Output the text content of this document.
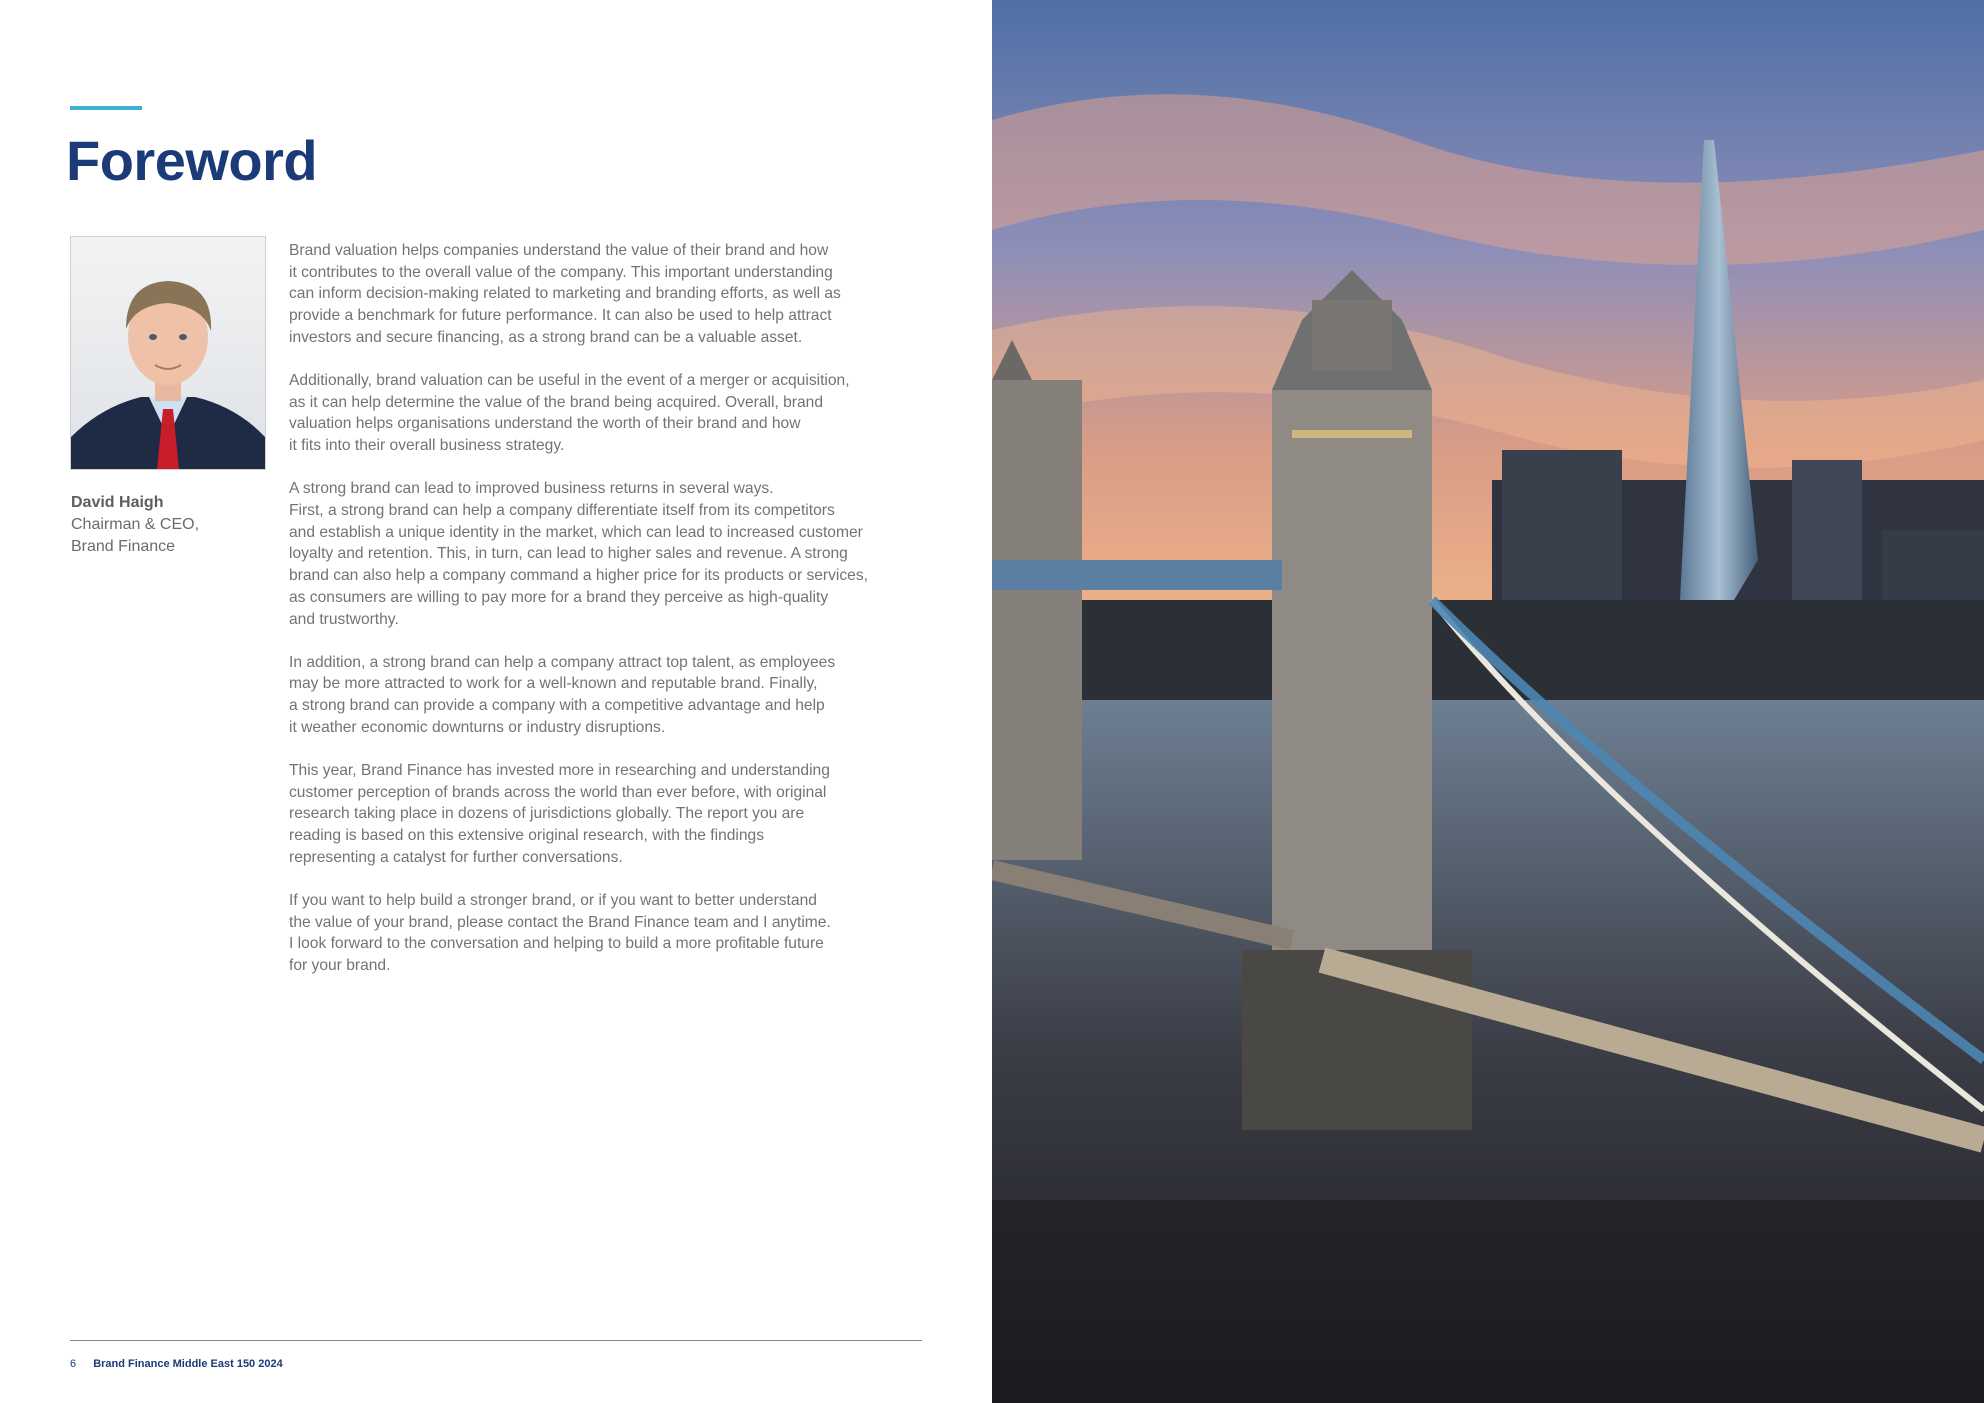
Foreword
David Haigh
Chairman & CEO,
Brand Finance

Brand valuation helps companies understand the value of their brand and how
it contributes to the overall value of the company. This important understanding
can inform decision-making related to marketing and branding efforts, as well as
provide a benchmark for future performance. It can also be used to help attract
investors and secure financing, as a strong brand can be a valuable asset.

Additionally, brand valuation can be useful in the event of a merger or acquisition,
as it can help determine the value of the brand being acquired. Overall, brand
valuation helps organisations understand the worth of their brand and how
it fits into their overall business strategy.

A strong brand can lead to improved business returns in several ways.
First, a strong brand can help a company differentiate itself from its competitors
and establish a unique identity in the market, which can lead to increased customer
loyalty and retention. This, in turn, can lead to higher sales and revenue. A strong
brand can also help a company command a higher price for its products or services,
as consumers are willing to pay more for a brand they perceive as high-quality
and trustworthy.

In addition, a strong brand can help a company attract top talent, as employees
may be more attracted to work for a well-known and reputable brand. Finally,
a strong brand can provide a company with a competitive advantage and help
it weather economic downturns or industry disruptions.

This year, Brand Finance has invested more in researching and understanding
customer perception of brands across the world than ever before, with original
research taking place in dozens of jurisdictions globally. The report you are
reading is based on this extensive original research, with the findings
representing a catalyst for further conversations.

If you want to help build a stronger brand, or if you want to better understand
the value of your brand, please contact the Brand Finance team and I anytime.
I look forward to the conversation and helping to build a more profitable future
for your brand.

6 Brand Finance Middle East 150 2024
